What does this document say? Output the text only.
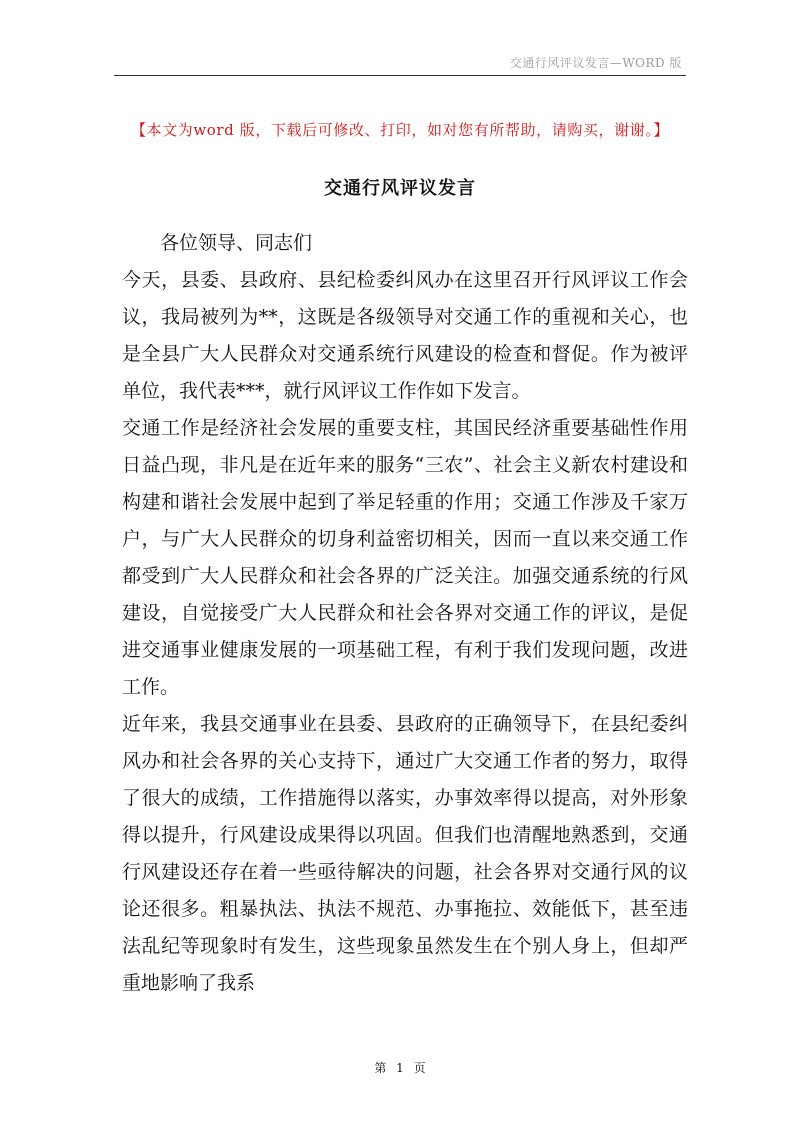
交通行风评议发言—WORD 版
【本文为word 版，下载后可修改、打印，如对您有所帮助，请购买，谢谢。】
交通行风评议发言

各位领导、同志们

今天，县委、县政府、县纪检委纠风办在这里召开行风评议工作会议，我局被列为**，这既是各级领导对交通工作的重视和关心，也是全县广大人民群众对交通系统行风建设的检查和督促。作为被评单位，我代表***，就行风评议工作作如下发言。

交通工作是经济社会发展的重要支柱，其国民经济重要基础性作用日益凸现，非凡是在近年来的服务“三农”、社会主义新农村建设和构建和谐社会发展中起到了举足轻重的作用；交通工作涉及千家万户，与广大人民群众的切身利益密切相关，因而一直以来交通工作都受到广大人民群众和社会各界的广泛关注。加强交通系统的行风建设，自觉接受广大人民群众和社会各界对交通工作的评议，是促进交通事业健康发展的一项基础工程，有利于我们发现问题，改进工作。

近年来，我县交通事业在县委、县政府的正确领导下，在县纪委纠风办和社会各界的关心支持下，通过广大交通工作者的努力，取得了很大的成绩，工作措施得以落实，办事效率得以提高，对外形象得以提升，行风建设成果得以巩固。但我们也清醒地熟悉到，交通行风建设还存在着一些亟待解决的问题，社会各界对交通行风的议论还很多。粗暴执法、执法不规范、办事拖拉、效能低下，甚至违法乱纪等现象时有发生，这些现象虽然发生在个别人身上，但却严重地影响了我系

第 1 页
